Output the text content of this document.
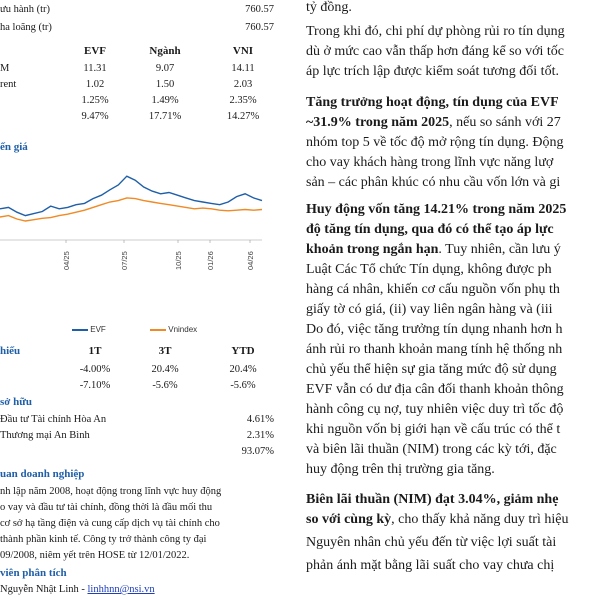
ưu hành (tr)	760.57
ha loãng (tr)	760.57
EVF	Ngành	VNI
M	11.31	9.07	14.11
rent	1.02	1.50	2.03
1.25%	1.49%	2.35%
9.47%	17.71%	14.27%
ến giá
04/25	07/25	10/25	01/26	04/26
EVF	Vnindex
hiếu	1T	3T	YTD
-4.00%	20.4%	20.4%
-7.10%	-5.6%	-5.6%
sở hữu
Đầu tư Tài chính Hòa An	4.61%
Thương mại An Bình	2.31%
93.07%
uan doanh nghiệp
nh lập năm 2008, hoạt động trong lĩnh vực huy động
o vay và đầu tư tài chính, đồng thời là đầu mối thu
cơ sở hạ tầng điện và cung cấp dịch vụ tài chính cho
thành phần kinh tế. Công ty trở thành công ty đại
09/2008, niêm yết trên HOSE từ 12/01/2022.
viên phân tích
Nguyễn Nhật Linh - linhhnn@nsi.vn
tỷ đồng.
Trong khi đó, chi phí dự phòng rủi ro tín dụng
dù ở mức cao vẫn thấp hơn đáng kể so với tốc
áp lực trích lập được kiểm soát tương đối tốt.
Tăng trưởng hoạt động, tín dụng của EVF
~31.9% trong năm 2025, nếu so sánh với 27
nhóm top 5 về tốc độ mở rộng tín dụng. Động
cho vay khách hàng trong lĩnh vực năng lượ
sản – các phân khúc có nhu cầu vốn lớn và gi
Huy động vốn tăng 14.21% trong năm 2025
độ tăng tín dụng, qua đó có thể tạo áp lực
khoản trong ngắn hạn. Tuy nhiên, cần lưu ý
Luật Các Tổ chức Tín dụng, không được ph
hàng cá nhân, khiến cơ cấu nguồn vốn phụ th
giấy tờ có giá, (ii) vay liên ngân hàng và (iii
Do đó, việc tăng trưởng tín dụng nhanh hơn h
ánh rủi ro thanh khoản mang tính hệ thống nh
chủ yếu thể hiện sự gia tăng mức độ sử dụng
EVF vẫn có dư địa cân đối thanh khoản thông
hành công cụ nợ, tuy nhiên việc duy trì tốc độ
khi nguồn vốn bị giới hạn về cấu trúc có thể t
và biên lãi thuần (NIM) trong các kỳ tới, đặc
huy động trên thị trường gia tăng.
Biên lãi thuần (NIM) đạt 3.04%, giảm nhẹ
so với cùng kỳ, cho thấy khả năng duy trì hiệu
Nguyên nhân chủ yếu đến từ việc lợi suất tài
phản ánh mặt bằng lãi suất cho vay chưa chị
